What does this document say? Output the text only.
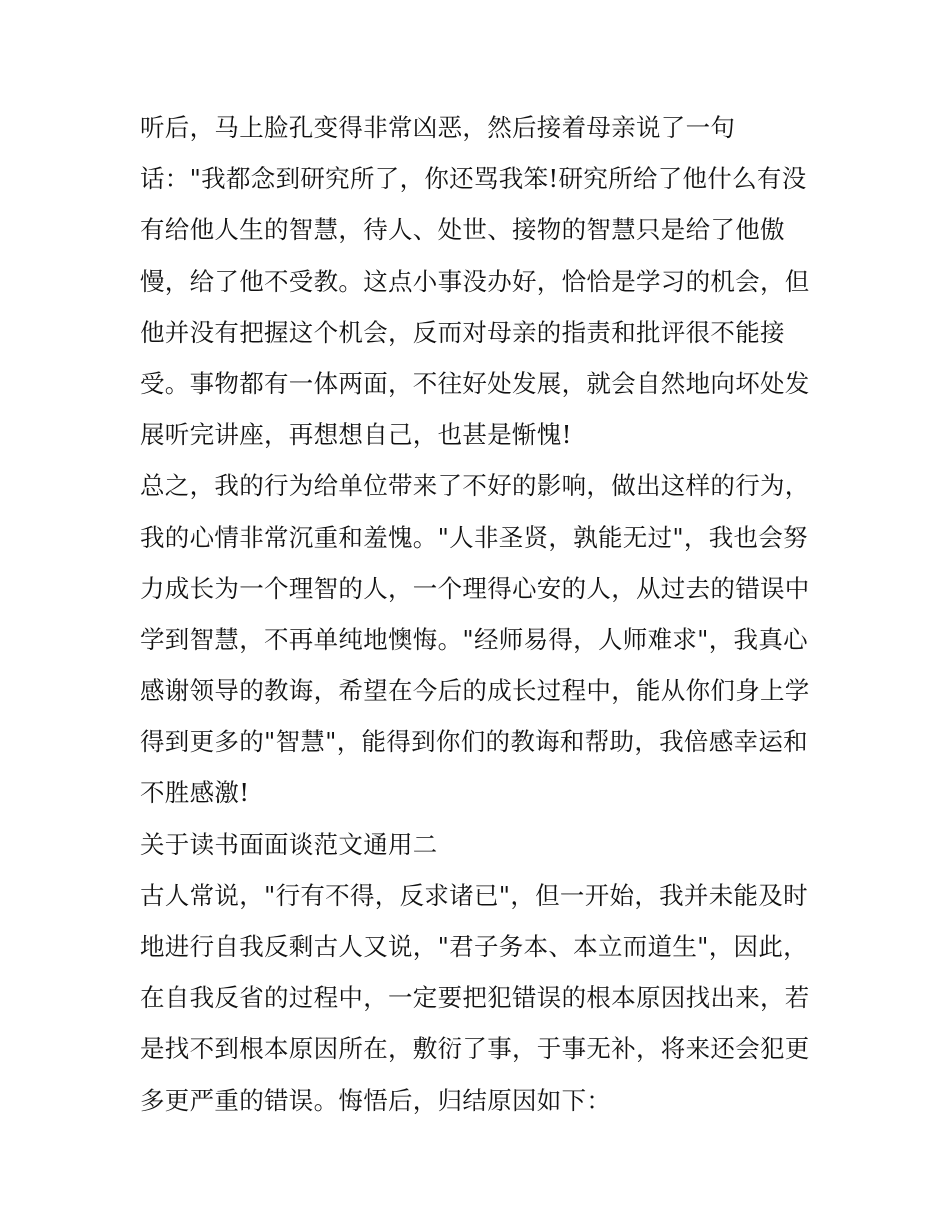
听后，马上脸孔变得非常凶恶，然后接着母亲说了一句
话："我都念到研究所了，你还骂我笨!研究所给了他什么有没
有给他人生的智慧，待人、处世、接物的智慧只是给了他傲
慢，给了他不受教。这点小事没办好，恰恰是学习的机会，但
他并没有把握这个机会，反而对母亲的指责和批评很不能接
受。事物都有一体两面，不往好处发展，就会自然地向坏处发
展听完讲座，再想想自己，也甚是惭愧!
总之，我的行为给单位带来了不好的影响，做出这样的行为，
我的心情非常沉重和羞愧。"人非圣贤，孰能无过"，我也会努
力成长为一个理智的人，一个理得心安的人，从过去的错误中
学到智慧，不再单纯地懊悔。"经师易得，人师难求"，我真心
感谢领导的教诲，希望在今后的成长过程中，能从你们身上学
得到更多的"智慧"，能得到你们的教诲和帮助，我倍感幸运和
不胜感激!
关于读书面面谈范文通用二
古人常说，"行有不得，反求诸已"，但一开始，我并未能及时
地进行自我反剩古人又说，"君子务本、本立而道生"，因此，
在自我反省的过程中，一定要把犯错误的根本原因找出来，若
是找不到根本原因所在，敷衍了事，于事无补，将来还会犯更
多更严重的错误。悔悟后，归结原因如下：
